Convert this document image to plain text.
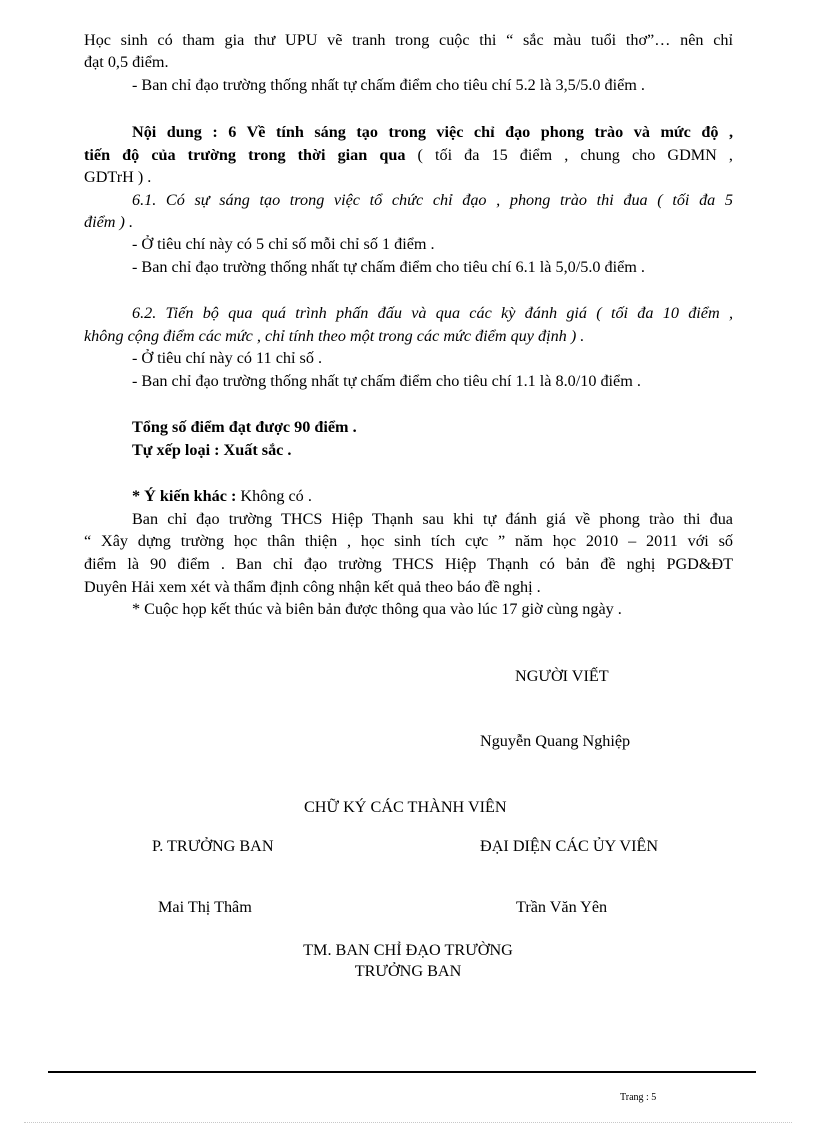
Học sinh có tham gia thư UPU vẽ tranh trong cuộc thi “ sắc màu tuổi thơ”… nên chỉ
đạt 0,5 điểm.
- Ban chỉ đạo trường thống nhất tự chấm điểm cho tiêu chí 5.2 là 3,5/5.0 điểm .
Nội dung : 6 Về tính sáng tạo trong việc chỉ đạo phong trào và mức độ ,
tiến độ của trường trong thời gian qua ( tối đa 15 điểm , chung cho GDMN ,
GDTrH ) .
6.1. Có sự sáng tạo trong việc tổ chức chỉ đạo , phong trào thi đua ( tối đa 5
điểm ) .
- Ở tiêu chí này có 5 chỉ số mỗi chỉ số 1 điểm .
- Ban chỉ đạo trường thống nhất tự chấm điểm cho tiêu chí 6.1 là 5,0/5.0 điểm .
6.2. Tiến bộ qua quá trình phấn đấu và qua các kỳ đánh giá ( tối đa 10 điểm ,
không cộng điểm các mức , chỉ tính theo một trong các mức điểm quy định ) .
- Ở tiêu chí này có 11 chỉ số .
- Ban chỉ đạo trường thống nhất tự chấm điểm cho tiêu chí 1.1 là 8.0/10 điểm .
Tổng số điểm đạt được 90 điểm .
Tự xếp loại : Xuất sắc .
* Ý kiến khác : Không có .
Ban chỉ đạo trường THCS Hiệp Thạnh sau khi tự đánh giá về phong trào thi đua
“ Xây dựng trường học thân thiện , học sinh tích cực ” năm học 2010 – 2011 với số
điểm là 90 điểm . Ban chỉ đạo trường THCS Hiệp Thạnh có bản đề nghị PGD&ĐT
Duyên Hải xem xét và thẩm định công nhận kết quả theo báo đề nghị .
* Cuộc họp kết thúc và biên bản được thông qua vào lúc 17 giờ cùng ngày .
NGƯỜI VIẾT
Nguyễn Quang Nghiệp
CHỮ KÝ CÁC THÀNH VIÊN
P. TRƯỞNG BAN	ĐẠI DIỆN CÁC ỦY VIÊN
Mai Thị Thâm	Trần Văn Yên
TM. BAN CHỈ ĐẠO TRƯỜNG
TRƯỞNG BAN
Trang : 5
